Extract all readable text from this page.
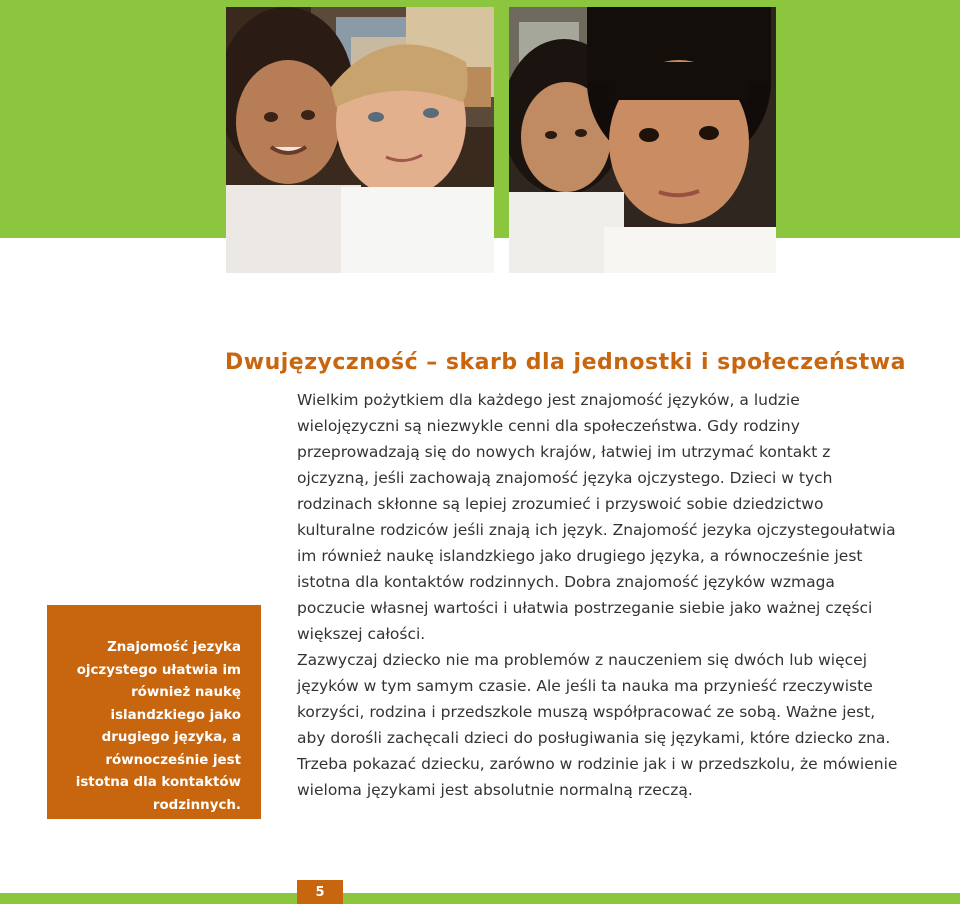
Dwujęzyczność – skarb dla jednostki i społeczeństwa

Wielkim pożytkiem dla każdego jest znajomość języków, a ludzie wielojęzyczni są niezwykle cenni dla społeczeństwa. Gdy rodziny przeprowadzają się do nowych krajów, łatwiej im utrzymać kontakt z ojczyzną, jeśli zachowają znajomość języka ojczystego. Dzieci w tych rodzinach skłonne są lepiej zrozumieć i przyswoić sobie dziedzictwo kulturalne rodziców jeśli znają ich język. Znajomość jezyka ojczystegoułatwia im również naukę islandzkiego jako drugiego języka, a równocześnie jest istotna dla kontaktów rodzinnych. Dobra znajomość języków wzmaga poczucie własnej wartości i ułatwia postrzeganie siebie jako ważnej części większej całości.

Zazwyczaj dziecko nie ma problemów z nauczeniem się dwóch lub więcej języków w tym samym czasie. Ale jeśli ta nauka ma przynieść rzeczywiste korzyści, rodzina i przedszkole muszą współpracować ze sobą. Ważne jest, aby dorośli zachęcali dzieci do posługiwania się językami, które dziecko zna. Trzeba pokazać dziecku, zarówno w rodzinie jak i w przedszkolu, że mówienie wieloma językami jest absolutnie normalną rzeczą.

Znajomość jezyka ojczystego ułatwia im również naukę islandzkiego jako drugiego języka, a równocześnie jest istotna dla kontaktów rodzinnych.

5
